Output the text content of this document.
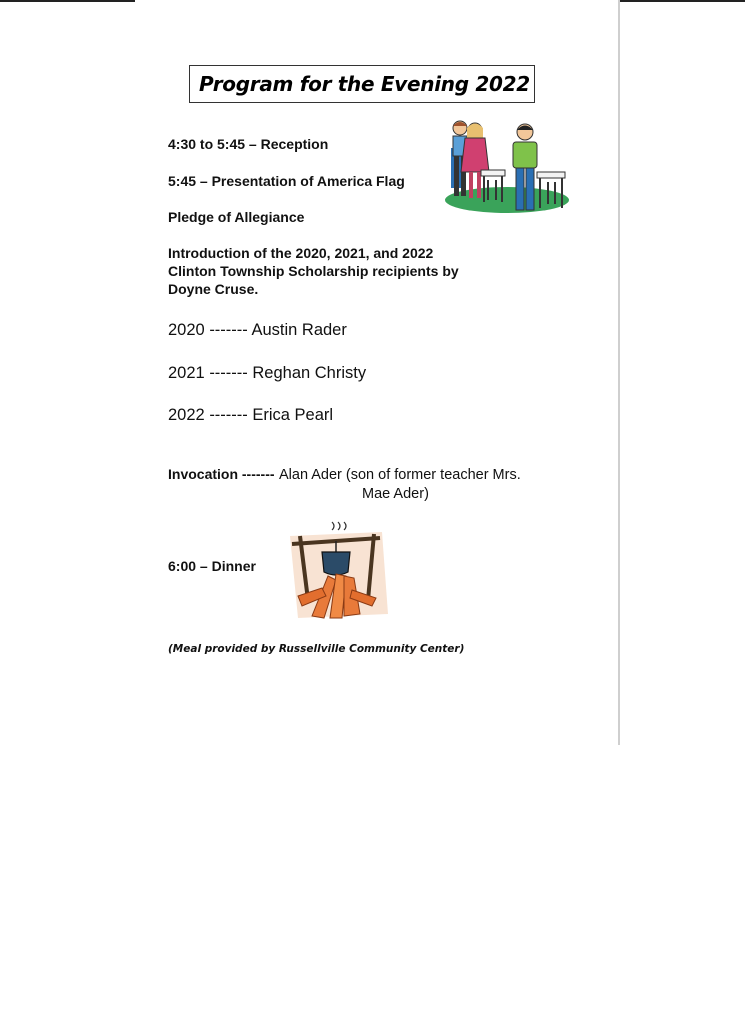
Program for the Evening 2022
4:30 to 5:45 – Reception
5:45 – Presentation of America Flag
Pledge of Allegiance
Introduction of the 2020, 2021, and 2022
Clinton Township Scholarship recipients by
Doyne Cruse.
2020 ------- Austin Rader
2021 ------- Reghan Christy
2022 ------- Erica Pearl
Invocation ------- Alan Ader (son of former teacher Mrs.
Mae Ader)
6:00 – Dinner
(Meal provided by Russellville Community Center)
